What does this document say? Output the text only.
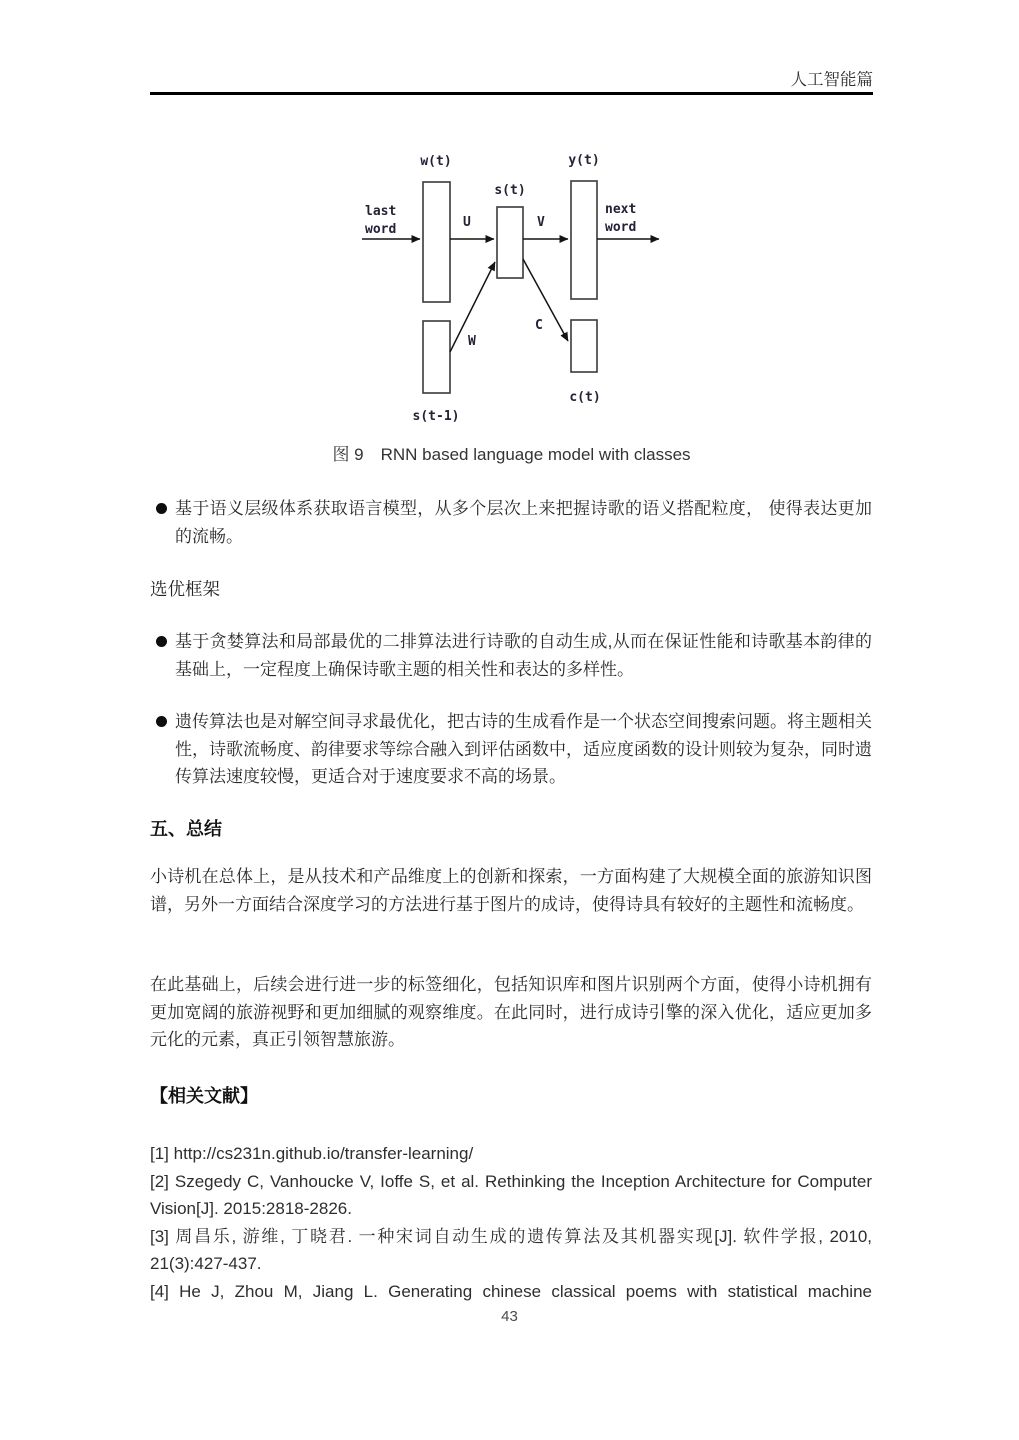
人工智能篇
w(t)
s(t)
y(t)
s(t-1)
c(t)
last
word
next
word
U	V
W
C
图 9　RNN based language model with classes
基于语义层级体系获取语言模型，从多个层次上来把握诗歌的语义搭配粒度， 使得表达更加的流畅。
选优框架
基于贪婪算法和局部最优的二排算法进行诗歌的自动生成,从而在保证性能和诗歌基本韵律的基础上，一定程度上确保诗歌主题的相关性和表达的多样性。
遗传算法也是对解空间寻求最优化，把古诗的生成看作是一个状态空间搜索问题。将主题相关性，诗歌流畅度、韵律要求等综合融入到评估函数中，适应度函数的设计则较为复杂，同时遗传算法速度较慢，更适合对于速度要求不高的场景。
五、总结
小诗机在总体上，是从技术和产品维度上的创新和探索，一方面构建了大规模全面的旅游知识图谱，另外一方面结合深度学习的方法进行基于图片的成诗，使得诗具有较好的主题性和流畅度。
在此基础上，后续会进行进一步的标签细化，包括知识库和图片识别两个方面，使得小诗机拥有更加宽阔的旅游视野和更加细腻的观察维度。在此同时，进行成诗引擎的深入优化，适应更加多元化的元素，真正引领智慧旅游。
【相关文献】
[1] http://cs231n.github.io/transfer-learning/
[2] Szegedy C, Vanhoucke V, Ioffe S, et al. Rethinking the Inception Architecture for Computer Vision[J]. 2015:2818-2826.
[3] 周昌乐, 游维, 丁晓君. 一种宋词自动生成的遗传算法及其机器实现[J]. 软件学报, 2010, 21(3):427-437.
[4] He J, Zhou M, Jiang L. Generating chinese classical poems with statistical machine
43
